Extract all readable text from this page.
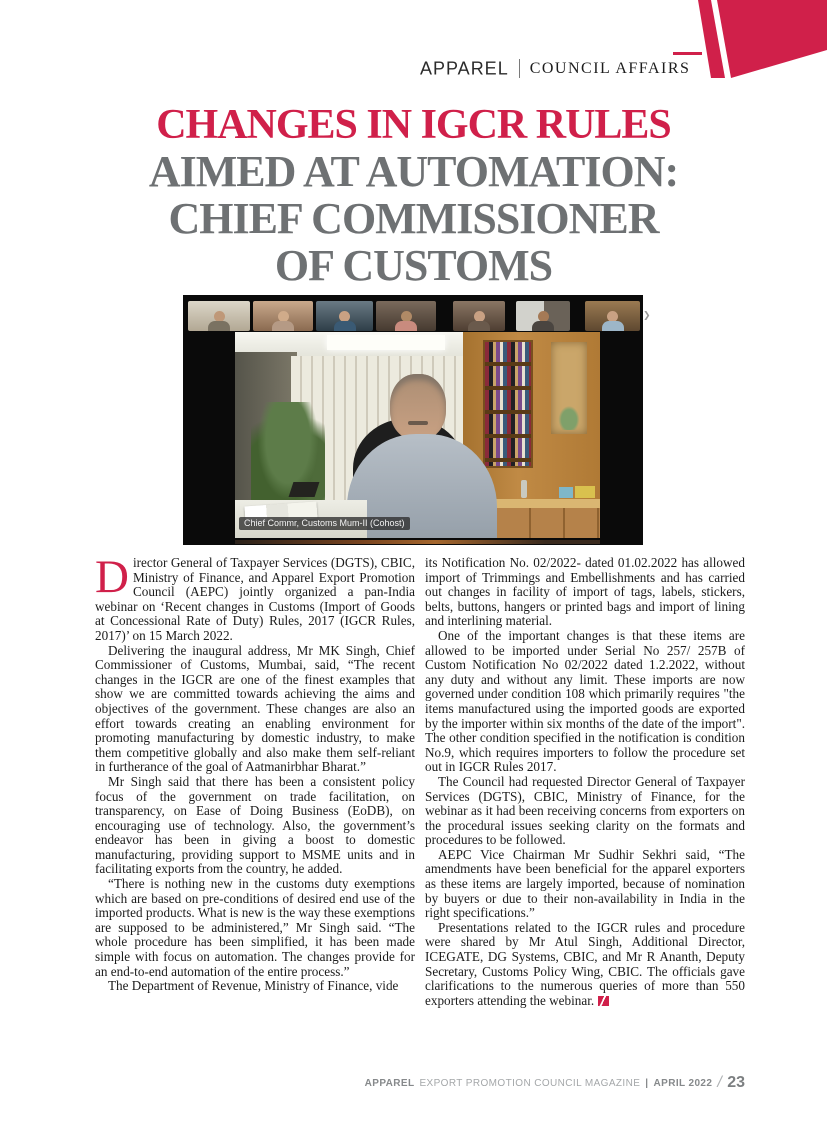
APPAREL COUNCIL AFFAIRS
CHANGES IN IGCR RULES
AIMED AT AUTOMATION:
CHIEF COMMISSIONER
OF CUSTOMS
❯
Chief Commr, Customs Mum-II (Cohost)

Director General of Taxpayer Services (DGTS), CBIC, Ministry of Finance, and Apparel Export Promotion Council (AEPC) jointly organized a pan-India webinar on ‘Recent changes in Customs (Import of Goods at Concessional Rate of Duty) Rules, 2017 (IGCR Rules, 2017)’ on 15 March 2022.

Delivering the inaugural address, Mr MK Singh, Chief Commissioner of Customs, Mumbai, said, “The recent changes in the IGCR are one of the finest examples that show we are committed towards achieving the aims and objectives of the government. These changes are also an effort towards creating an enabling environment for promoting manufacturing by domestic industry, to make them competitive globally and also make them self-reliant in furtherance of the goal of Aatmanirbhar Bharat.”

Mr Singh said that there has been a consistent policy focus of the government on trade facilitation, on transparency, on Ease of Doing Business (EoDB), on encouraging use of technology. Also, the government’s endeavor has been in giving a boost to domestic manufacturing, providing support to MSME units and in facilitating exports from the country, he added.

“There is nothing new in the customs duty exemptions which are based on pre-conditions of desired end use of the imported products. What is new is the way these exemptions are supposed to be administered,” Mr Singh said. “The whole procedure has been simplified, it has been made simple with focus on automation. The changes provide for an end-to-end automation of the entire process.”

The Department of Revenue, Ministry of Finance, vide

its Notification No. 02/2022- dated 01.02.2022 has allowed import of Trimmings and Embellishments and has carried out changes in facility of import of tags, labels, stickers, belts, buttons, hangers or printed bags and import of lining and interlining material.

One of the important changes is that these items are allowed to be imported under Serial No 257/ 257B of Custom Notification No 02/2022 dated 1.2.2022, without any duty and without any limit. These imports are now governed under condition 108 which primarily requires "the items manufactured using the imported goods are exported by the importer within six months of the date of the import". The other condition specified in the notification is condition No.9, which requires importers to follow the procedure set out in IGCR Rules 2017.

The Council had requested Director General of Taxpayer Services (DGTS), CBIC, Ministry of Finance, for the webinar as it had been receiving concerns from exporters on the procedural issues seeking clarity on the formats and procedures to be followed.

AEPC Vice Chairman Mr Sudhir Sekhri said, “The amendments have been beneficial for the apparel exporters as these items are largely imported, because of nomination by buyers or due to their non-availability in India in the right specifications.”

Presentations related to the IGCR rules and procedure were shared by Mr Atul Singh, Additional Director, ICEGATE, DG Systems, CBIC, and Mr R Ananth, Deputy Secretary, Customs Policy Wing, CBIC. The officials gave clarifications to the numerous queries of more than 550 exporters attending the webinar.

APPAREL EXPORT PROMOTION COUNCIL MAGAZINE | APRIL 2022 / 23
